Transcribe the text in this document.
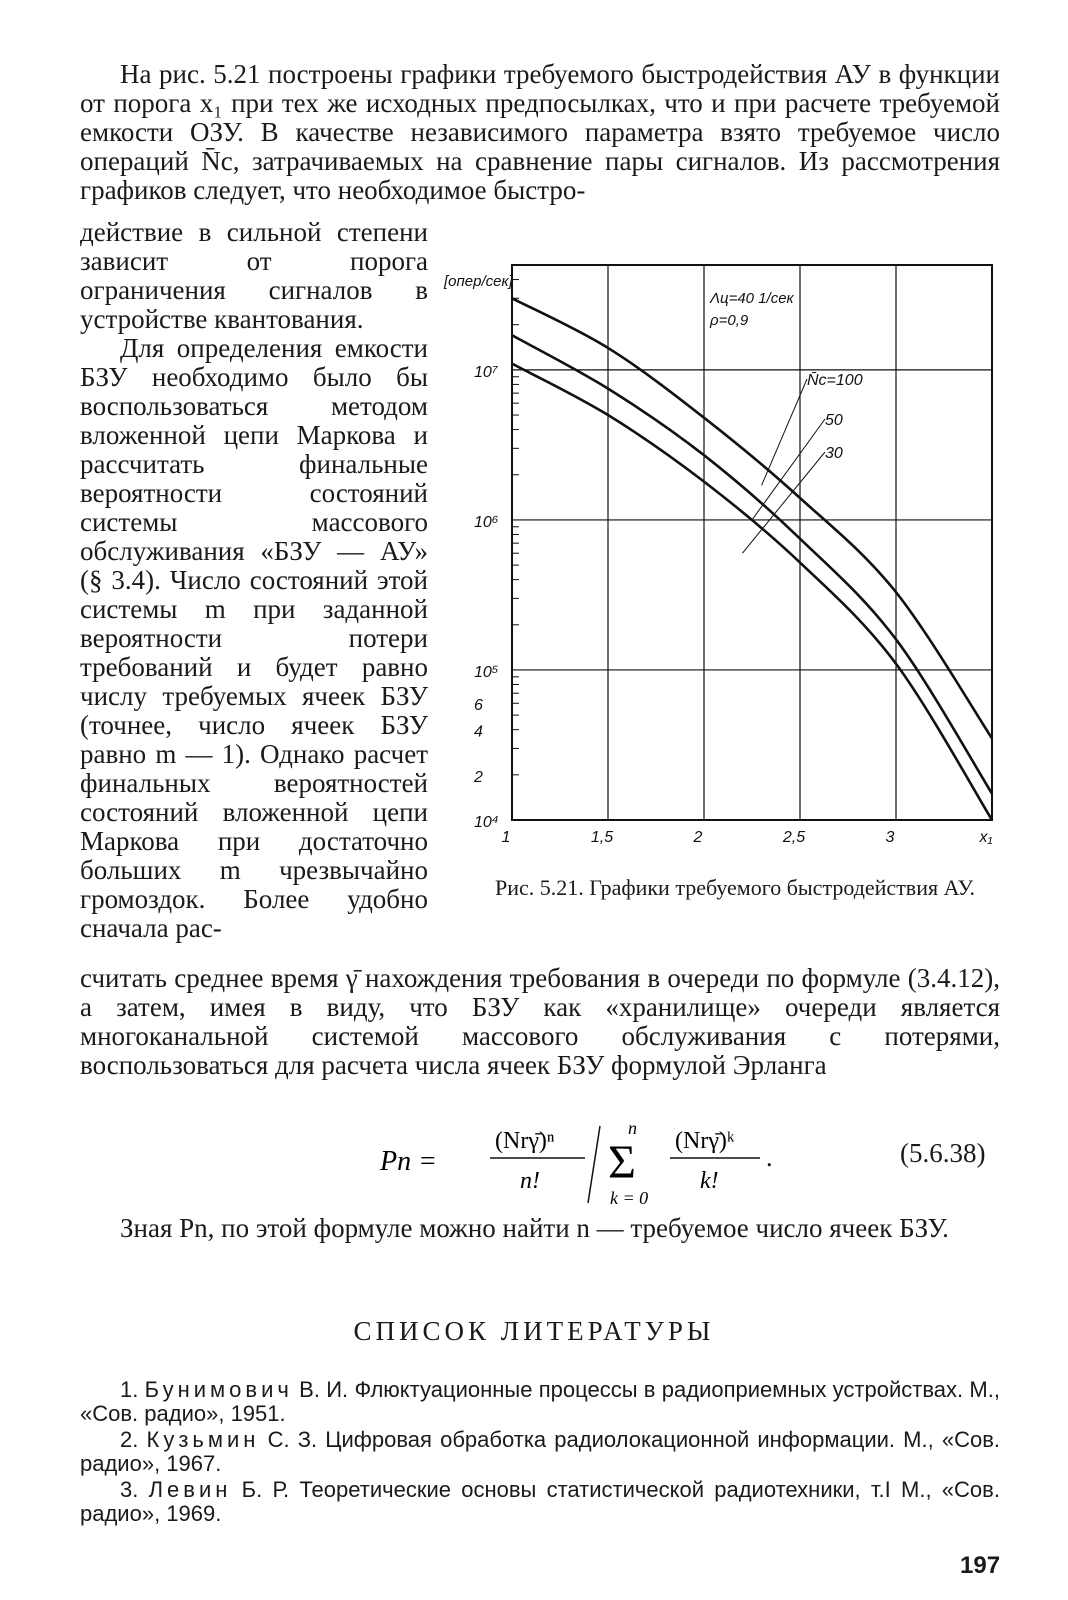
На рис. 5.21 построены графики требуемого быстродействия АУ в функции от порога x₁ при тех же исходных предпосылках, что и при расчете требуемой емкости ОЗУ. В качестве независимого параметра взято требуемое число операций N̄с, затрачиваемых на сравнение пары сигналов. Из рассмотрения графиков следует, что необходимое быстро-

действие в сильной степени зависит от порога ограничения сигналов в устройстве квантования.

Для определения емкости БЗУ необходимо было бы воспользоваться методом вложенной цепи Маркова и рассчитать финальные вероятности состояний системы массового обслуживания «БЗУ — АУ» (§ 3.4). Число состояний этой системы m при заданной вероятности потери требований и будет равно числу требуемых ячеек БЗУ (точнее, число ячеек БЗУ равно m — 1). Однако расчет финальных вероятностей состояний вложенной цепи Маркова при достаточно больших m чрезвычайно громоздок. Более удобно сначала рас-

10⁴
2
4
6
10⁵
10⁶
10⁷
1	1,5	2	2,5	3	x₁
[опер/сек]
N̄c=100
50
30
Λц=40 1/сек
ρ=0,9
Рис. 5.21. Графики требуемого быстродействия АУ.

считать среднее время γ̄ нахождения требования в очереди по формуле (3.4.12), а затем, имея в виду, что БЗУ как «хранилище» очереди является многоканальной системой массового обслуживания с потерями, воспользоваться для расчета числа ячеек БЗУ формулой Эрланга

Pn =
(Nrγ̄)ⁿ
n!
n
Σ
k = 0
(Nrγ̄)ᵏ
k!
.	(5.6.38)

Зная Pn, по этой формуле можно найти n — требуемое число ячеек БЗУ.

СПИСОК ЛИТЕРАТУРЫ
1. Бунимович В. И. Флюктуационные процессы в радиоприемных устройствах. М., «Сов. радио», 1951.
2. Кузьмин С. З. Цифровая обработка радиолокационной информации. М., «Сов. радио», 1967.
3. Левин Б. Р. Теоретические основы статистической радиотехники, т.I М., «Сов. радио», 1969.
197
